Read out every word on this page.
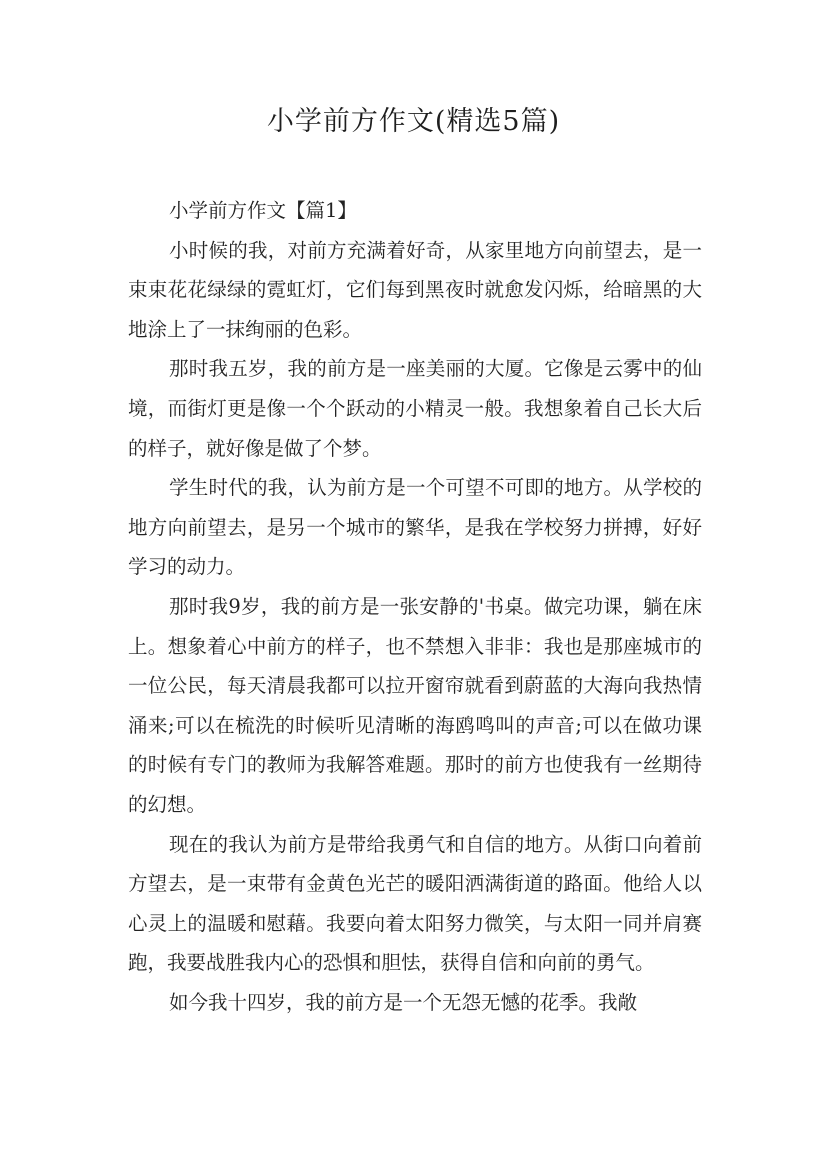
小学前方作文(精选5篇)

小学前方作文【篇1】

小时候的我，对前方充满着好奇，从家里地方向前望去，是一束束花花绿绿的霓虹灯，它们每到黑夜时就愈发闪烁，给暗黑的大地涂上了一抹绚丽的色彩。

那时我五岁，我的前方是一座美丽的大厦。它像是云雾中的仙境，而街灯更是像一个个跃动的小精灵一般。我想象着自己长大后的样子，就好像是做了个梦。

学生时代的我，认为前方是一个可望不可即的地方。从学校的地方向前望去，是另一个城市的繁华，是我在学校努力拼搏，好好学习的动力。

那时我9岁，我的前方是一张安静的'书桌。做完功课，躺在床上。想象着心中前方的样子，也不禁想入非非：我也是那座城市的一位公民，每天清晨我都可以拉开窗帘就看到蔚蓝的大海向我热情涌来;可以在梳洗的时候听见清晰的海鸥鸣叫的声音;可以在做功课的时候有专门的教师为我解答难题。那时的前方也使我有一丝期待的幻想。

现在的我认为前方是带给我勇气和自信的地方。从街口向着前方望去，是一束带有金黄色光芒的暖阳洒满街道的路面。他给人以心灵上的温暖和慰藉。我要向着太阳努力微笑，与太阳一同并肩赛跑，我要战胜我内心的恐惧和胆怯，获得自信和向前的勇气。

如今我十四岁，我的前方是一个无怨无憾的花季。我敞
